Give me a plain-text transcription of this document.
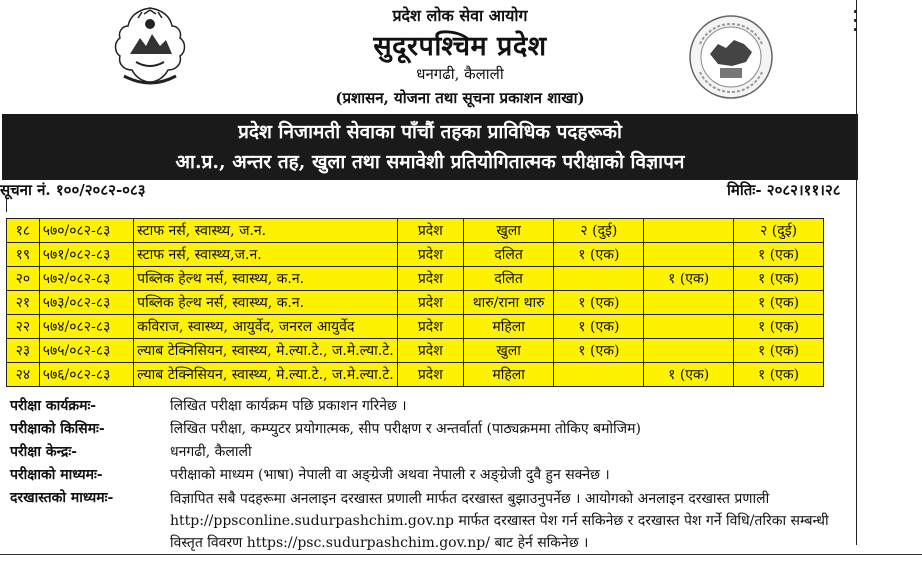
प्रदेश लोक सेवा आयोग
सुदूरपश्चिम प्रदेश
धनगढी, कैलाली
(प्रशासन, योजना तथा सूचना प्रकाशन शाखा)
प्रदेश निजामती सेवाका पाँचौं तहका प्राविधिक पदहरूको
आ.प्र., अन्तर तह, खुला तथा समावेशी प्रतियोगितात्मक परीक्षाको विज्ञापन
सूचना नं. १००/२०८२-०८३	मितिः- २०८२।११।२८
१८	५७०/०८२-८३	स्टाफ नर्स, स्वास्थ्य, ज.न.	प्रदेश	खुला	२ (दुई)		२ (दुई)
१९	५७१/०८२-८३	स्टाफ नर्स, स्वास्थ्य,ज.न.	प्रदेश	दलित	१ (एक)		१ (एक)
२०	५७२/०८२-८३	पब्लिक हेल्थ नर्स, स्वास्थ्य, क.न.	प्रदेश	दलित		१ (एक)	१ (एक)
२१	५७३/०८२-८३	पब्लिक हेल्थ नर्स, स्वास्थ्य, क.न.	प्रदेश	थारु/राना थारु	१ (एक)		१ (एक)
२२	५७४/०८२-८३	कविराज, स्वास्थ्य, आयुर्वेद, जनरल आयुर्वेद	प्रदेश	महिला	१ (एक)		१ (एक)
२३	५७५/०८२-८३	ल्याब टेक्निसियन, स्वास्थ्य, मे.ल्या.टे., ज.मे.ल्या.टे.	प्रदेश	खुला	१ (एक)		१ (एक)
२४	५७६/०८२-८३	ल्याब टेक्निसियन, स्वास्थ्य, मे.ल्या.टे., ज.मे.ल्या.टे.	प्रदेश	महिला		१ (एक)	१ (एक)
परीक्षा कार्यक्रमः-	लिखित परीक्षा कार्यक्रम पछि प्रकाशन गरिनेछ ।
परीक्षाको किसिमः-	लिखित परीक्षा, कम्प्युटर प्रयोगात्मक, सीप परीक्षण र अन्तर्वार्ता (पाठ्यक्रममा तोकिए बमोजिम)
परीक्षा केन्द्रः-	धनगढी, कैलाली
परीक्षाको माध्यमः-	परीक्षाको माध्यम (भाषा) नेपाली वा अङ्ग्रेजी अथवा नेपाली र अङ्ग्रेजी दुवै हुन सक्नेछ ।
दरखास्तको माध्यमः-	विज्ञापित सबै पदहरूमा अनलाइन दरखास्त प्रणाली मार्फत दरखास्त बुझाउनुपर्नेछ । आयोगको अनलाइन दरखास्त प्रणाली
http://ppsconline.sudurpashchim.gov.np मार्फत दरखास्त पेश गर्न सकिनेछ र दरखास्त पेश गर्ने विधि/तरिका सम्बन्धी
विस्तृत विवरण https://psc.sudurpashchim.gov.np/ बाट हेर्न सकिनेछ ।
